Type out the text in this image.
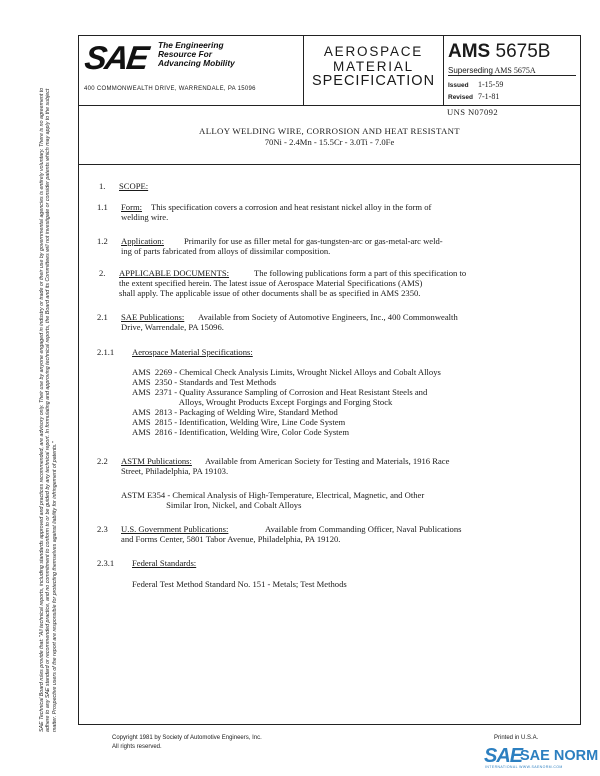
SAE Technical Board rules provide that: "All technical reports, including standards approved and practices recommended, are advisory only. Their use by anyone engaged in industry or trade or their use by governmental agencies is entirely voluntary. There is no agreement to adhere to any SAE standard or recommended practice, and no commitment to conform to or be guided by any technical report. In formulating and approving technical reports, the Board and its Committees will not investigate or consider patents which may apply to the subject matter. Prospective users of the report are responsible for protecting themselves against liability for infringement of patents."
SAE The Engineering
Resource For
Advancing Mobility
400 COMMONWEALTH DRIVE, WARRENDALE, PA 15096
AEROSPACE
MATERIAL
SPECIFICATION
AMS 5675B
Superseding AMS 5675A
Issued 1-15-59
Revised 7-1-81
UNS N07092
ALLOY WELDING WIRE, CORROSION AND HEAT RESISTANT
70Ni - 2.4Mn - 15.5Cr - 3.0Ti - 7.0Fe
1. SCOPE:
1.1 Form: This specification covers a corrosion and heat resistant nickel alloy in the form of
welding wire.
1.2 Application: Primarily for use as filler metal for gas-tungsten-arc or gas-metal-arc weld-
ing of parts fabricated from alloys of dissimilar composition.
2. APPLICABLE DOCUMENTS:	The following publications form a part of this specification to
the extent specified herein. The latest issue of Aerospace Material Specifications (AMS)
shall apply. The applicable issue of other documents shall be as specified in AMS 2350.
2.1 SAE Publications: Available from Society of Automotive Engineers, Inc., 400 Commonwealth
Drive, Warrendale, PA 15096.
2.1.1 Aerospace Material Specifications:
AMS  2269 - Chemical Check Analysis Limits, Wrought Nickel Alloys and Cobalt Alloys
AMS  2350 - Standards and Test Methods
AMS  2371 - Quality Assurance Sampling of Corrosion and Heat Resistant Steels and
Alloys, Wrought Products Except Forgings and Forging Stock
AMS  2813 - Packaging of Welding Wire, Standard Method
AMS  2815 - Identification, Welding Wire, Line Code System
AMS  2816 - Identification, Welding Wire, Color Code System
2.2 ASTM Publications: Available from American Society for Testing and Materials, 1916 Race
Street, Philadelphia, PA 19103.
ASTM E354 - Chemical Analysis of High-Temperature, Electrical, Magnetic, and Other
Similar Iron, Nickel, and Cobalt Alloys
2.3 U.S. Government Publications:	Available from Commanding Officer, Naval Publications
and Forms Center, 5801 Tabor Avenue, Philadelphia, PA 19120.
2.3.1 Federal Standards:
Federal Test Method Standard No. 151 - Metals; Test Methods
Copyright 1981 by Society of Automotive Engineers, Inc.
All rights reserved.
Printed in U.S.A.
SAE
SAE NORM
INTERNATIONAL WWW.SAENORM.COM
